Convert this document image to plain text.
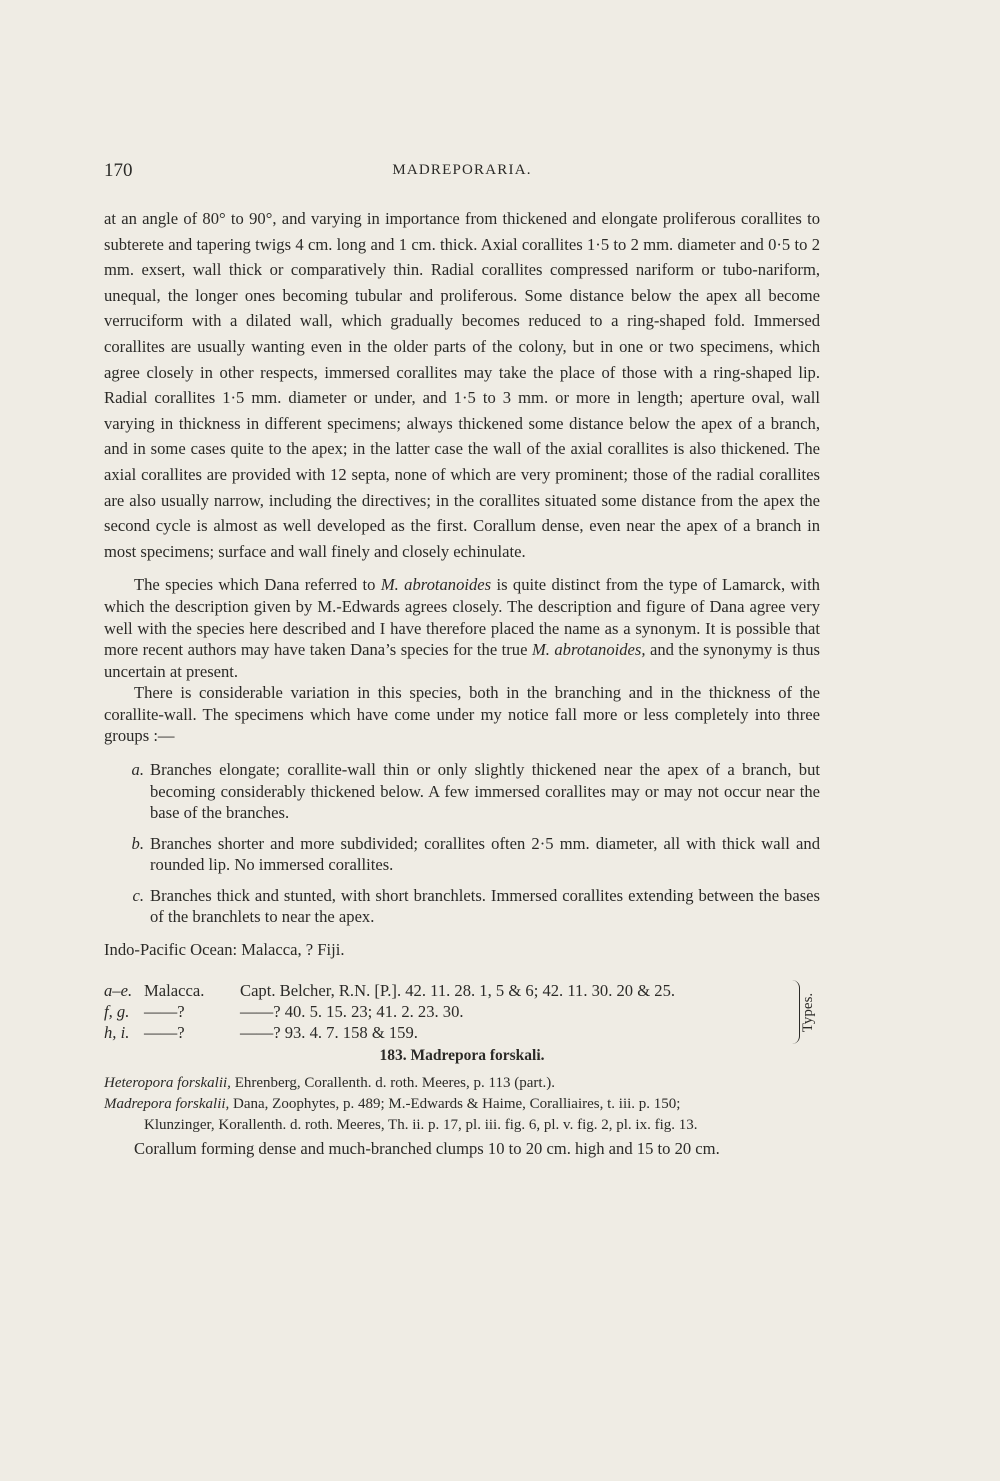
170	MADREPORARIA.

at an angle of 80° to 90°, and varying in importance from thickened and elongate proliferous corallites to subterete and tapering twigs 4 cm. long and 1 cm. thick. Axial corallites 1·5 to 2 mm. diameter and 0·5 to 2 mm. exsert, wall thick or comparatively thin. Radial corallites compressed nariform or tubo-nariform, unequal, the longer ones becoming tubular and proliferous. Some distance below the apex all become verruciform with a dilated wall, which gradually becomes reduced to a ring-shaped fold. Immersed corallites are usually wanting even in the older parts of the colony, but in one or two specimens, which agree closely in other respects, immersed corallites may take the place of those with a ring-shaped lip. Radial corallites 1·5 mm. diameter or under, and 1·5 to 3 mm. or more in length; aperture oval, wall varying in thickness in different specimens; always thickened some distance below the apex of a branch, and in some cases quite to the apex; in the latter case the wall of the axial corallites is also thickened. The axial corallites are provided with 12 septa, none of which are very prominent; those of the radial corallites are also usually narrow, including the directives; in the corallites situated some distance from the apex the second cycle is almost as well developed as the first. Corallum dense, even near the apex of a branch in most specimens; surface and wall finely and closely echinulate.

The species which Dana referred to M. abrotanoides is quite distinct from the type of Lamarck, with which the description given by M.-Edwards agrees closely. The description and figure of Dana agree very well with the species here described and I have therefore placed the name as a synonym. It is possible that more recent authors may have taken Dana’s species for the true M. abrotanoides, and the synonymy is thus uncertain at present.

There is considerable variation in this species, both in the branching and in the thickness of the corallite-wall. The specimens which have come under my notice fall more or less completely into three groups :—

a. Branches elongate; corallite-wall thin or only slightly thickened near the apex of a branch, but becoming considerably thickened below. A few immersed corallites may or may not occur near the base of the branches.
b. Branches shorter and more subdivided; corallites often 2·5 mm. diameter, all with thick wall and rounded lip. No immersed corallites.
c. Branches thick and stunted, with short branchlets. Immersed corallites extending between the bases of the branchlets to near the apex.

Indo-Pacific Ocean: Malacca, ? Fiji.

a–e. Malacca.	Capt. Belcher, R.N. [P.]. 42. 11. 28. 1, 5 & 6; 42. 11. 30. 20 & 25.
f, g. ——?	——? 40. 5. 15. 23; 41. 2. 23. 30.
h, i. ——?	——? 93. 4. 7. 158 & 159.
Types.

183. Madrepora forskali.

Heteropora forskalii, Ehrenberg, Corallenth. d. roth. Meeres, p. 113 (part.).
Madrepora forskalii, Dana, Zoophytes, p. 489; M.-Edwards & Haime, Coralliaires, t. iii. p. 150;
Klunzinger, Korallenth. d. roth. Meeres, Th. ii. p. 17, pl. iii. fig. 6, pl. v. fig. 2, pl. ix. fig. 13.

Corallum forming dense and much-branched clumps 10 to 20 cm. high and 15 to 20 cm.
